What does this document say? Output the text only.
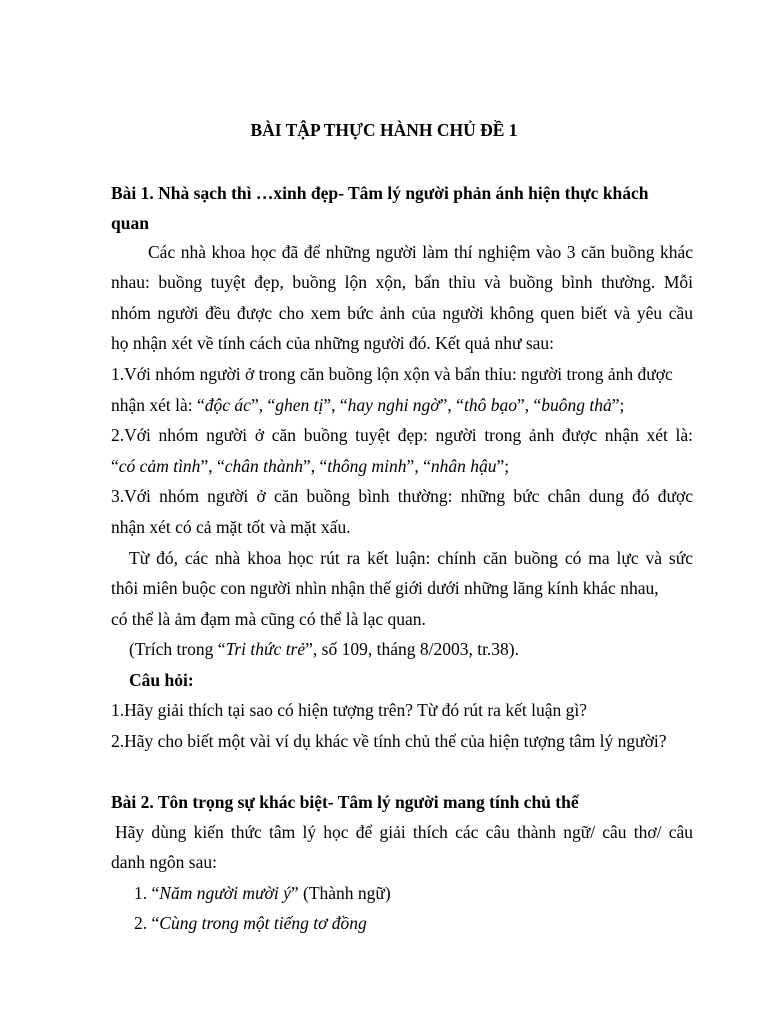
BÀI TẬP THỰC HÀNH CHỦ ĐỀ 1
Bài 1. Nhà sạch thì …xinh đẹp- Tâm lý người phản ánh hiện thực khách
quan
Các nhà khoa học đã để những người làm thí nghiệm vào 3 căn buồng khác
nhau: buồng tuyệt đẹp, buồng lộn xộn, bẩn thỉu và buồng bình thường. Mỗi
nhóm người đều được cho xem bức ảnh của người không quen biết và yêu cầu
họ nhận xét về tính cách của những người đó. Kết quả như sau:
1.Với nhóm người ở trong căn buồng lộn xộn và bẩn thỉu: người trong ảnh được
nhận xét là: “độc ác”, “ghen tị”, “hay nghi ngờ”, “thô bạo”, “buông thả”;
2.Với nhóm người ở căn buồng tuyệt đẹp: người trong ảnh được nhận xét là:
“có cảm tình”, “chân thành”, “thông minh”, “nhân hậu”;
3.Với nhóm người ở căn buồng bình thường: những bức chân dung đó được
nhận xét có cả mặt tốt và mặt xấu.
Từ đó, các nhà khoa học rút ra kết luận: chính căn buồng có ma lực và sức
thôi miên buộc con người nhìn nhận thế giới dưới những lăng kính khác nhau,
có thể là ảm đạm mà cũng có thể là lạc quan.
(Trích trong “Tri thức trẻ”, số 109, tháng 8/2003, tr.38).
Câu hỏi:
1.Hãy giải thích tại sao có hiện tượng trên? Từ đó rút ra kết luận gì?
2.Hãy cho biết một vài ví dụ khác về tính chủ thể của hiện tượng tâm lý người?
Bài 2. Tôn trọng sự khác biệt- Tâm lý người mang tính chủ thể
Hãy dùng kiến thức tâm lý học để giải thích các câu thành ngữ/ câu thơ/ câu
danh ngôn sau:
1. “Năm người mười ý” (Thành ngữ)
2. “Cùng trong một tiếng tơ đồng
